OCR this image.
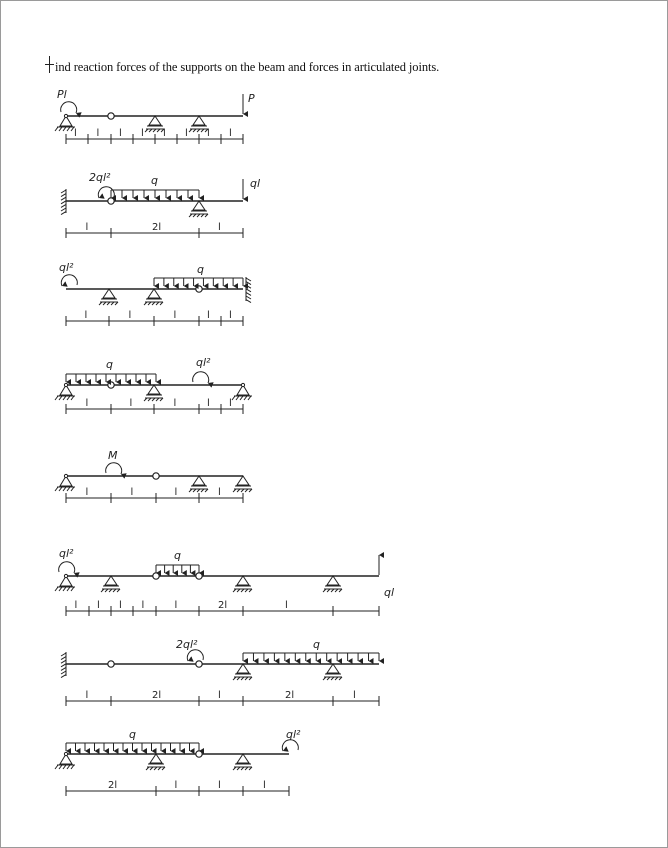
ind reaction forces of the supports on the beam and forces in articulated joints.
Pl	P
l l l l l l l l
2ql²	q	ql
l	2l	l
ql²	q
l	l	l	l l
q	ql²
l	l	l	l l
M
l	l	l	l
ql²	q
ql
l l l l	l	2l	l
2ql²	q
l	2l	l	2l	l
q	ql²
2l	l	l	l
